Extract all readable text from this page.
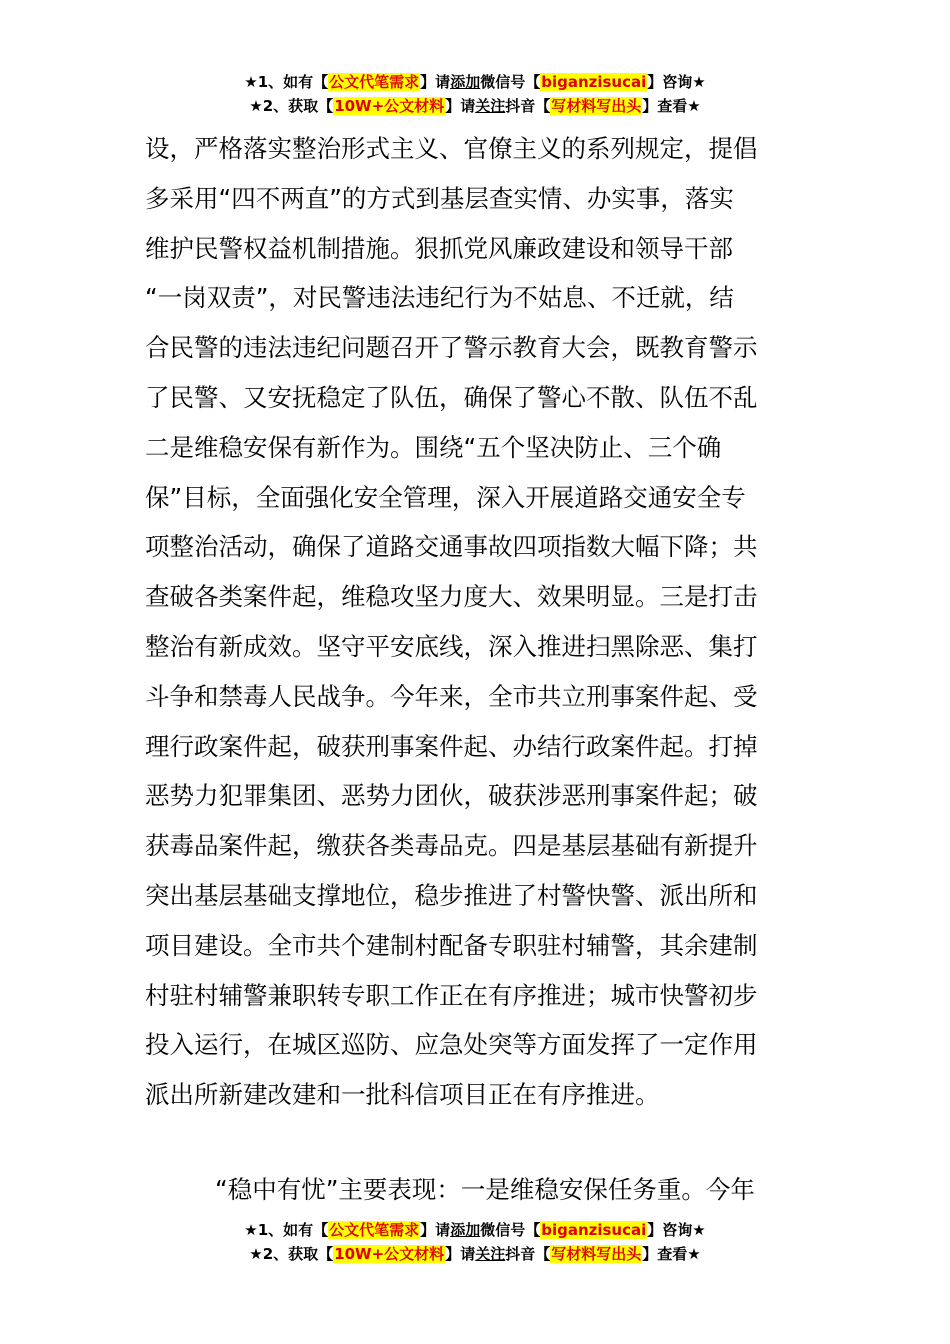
★1、如有【公文代笔需求】请添加微信号【biganzisucai】咨询★
★2、获取【10W+公文材料】请关注抖音【写材料写出头】查看★
设，严格落实整治形式主义、官僚主义的系列规定，提倡
多采用“四不两直”的方式到基层查实情、办实事，落实
维护民警权益机制措施。狠抓党风廉政建设和领导干部
“一岗双责”，对民警违法违纪行为不姑息、不迁就，结
合民警的违法违纪问题召开了警示教育大会，既教育警示
了民警、又安抚稳定了队伍，确保了警心不散、队伍不乱
二是维稳安保有新作为。围绕“五个坚决防止、三个确
保”目标，全面强化安全管理，深入开展道路交通安全专
项整治活动，确保了道路交通事故四项指数大幅下降；共
查破各类案件起，维稳攻坚力度大、效果明显。三是打击
整治有新成效。坚守平安底线，深入推进扫黑除恶、集打
斗争和禁毒人民战争。今年来，全市共立刑事案件起、受
理行政案件起，破获刑事案件起、办结行政案件起。打掉
恶势力犯罪集团、恶势力团伙，破获涉恶刑事案件起；破
获毒品案件起，缴获各类毒品克。四是基层基础有新提升
突出基层基础支撑地位，稳步推进了村警快警、派出所和
项目建设。全市共个建制村配备专职驻村辅警，其余建制
村驻村辅警兼职转专职工作正在有序推进；城市快警初步
投入运行，在城区巡防、应急处突等方面发挥了一定作用
派出所新建改建和一批科信项目正在有序推进。
“稳中有忧”主要表现：一是维稳安保任务重。今年
★1、如有【公文代笔需求】请添加微信号【biganzisucai】咨询★
★2、获取【10W+公文材料】请关注抖音【写材料写出头】查看★
